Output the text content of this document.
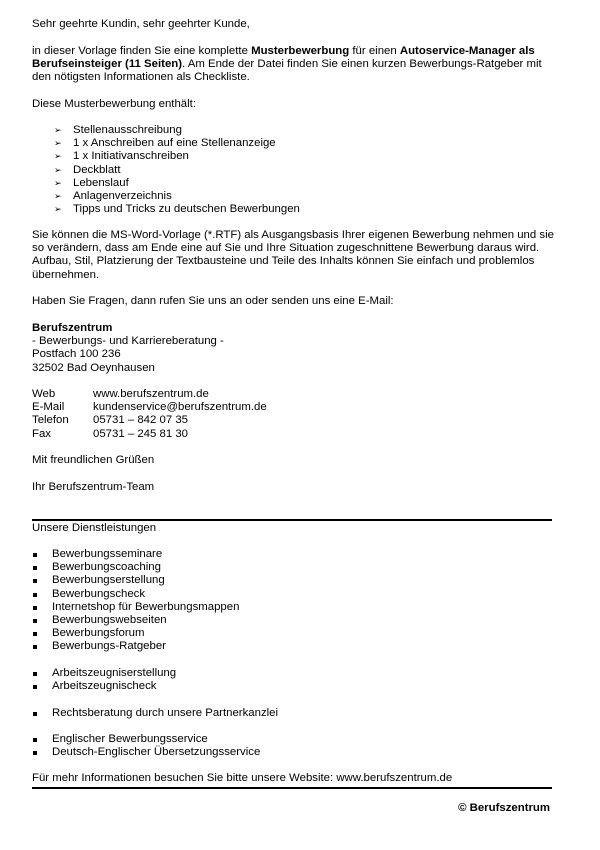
Sehr geehrte Kundin, sehr geehrter Kunde,

in dieser Vorlage finden Sie eine komplette Musterbewerbung für einen Autoservice-Manager als Berufseinsteiger (11 Seiten). Am Ende der Datei finden Sie einen kurzen Bewerbungs-Ratgeber mit den nötigsten Informationen als Checkliste.

Diese Musterbewerbung enthält:

➢ Stellenausschreibung
➢ 1 x Anschreiben auf eine Stellenanzeige
➢ 1 x Initiativanschreiben
➢ Deckblatt
➢ Lebenslauf
➢ Anlagenverzeichnis
➢ Tipps und Tricks zu deutschen Bewerbungen

Sie können die MS-Word-Vorlage (*.RTF) als Ausgangsbasis Ihrer eigenen Bewerbung nehmen und sie so verändern, dass am Ende eine auf Sie und Ihre Situation zugeschnittene Bewerbung daraus wird. Aufbau, Stil, Platzierung der Textbausteine und Teile des Inhalts können Sie einfach und problemlos übernehmen.

Haben Sie Fragen, dann rufen Sie uns an oder senden uns eine E-Mail:

Berufszentrum
- Bewerbungs- und Karriereberatung -
Postfach 100 236
32502 Bad Oeynhausen
Web	www.berufszentrum.de
E-Mail	kundenservice@berufszentrum.de
Telefon	05731 – 842 07 35
Fax	05731 – 245 81 30

Mit freundlichen Grüßen

Ihr Berufszentrum-Team

Unsere Dienstleistungen

Bewerbungsseminare
Bewerbungscoaching
Bewerbungserstellung
Bewerbungscheck
Internetshop für Bewerbungsmappen
Bewerbungswebseiten
Bewerbungsforum
Bewerbungs-Ratgeber
Arbeitszeugniserstellung
Arbeitszeugnischeck
Rechtsberatung durch unsere Partnerkanzlei
Englischer Bewerbungsservice
Deutsch-Englischer Übersetzungsservice

Für mehr Informationen besuchen Sie bitte unsere Website: www.berufszentrum.de

© Berufszentrum
